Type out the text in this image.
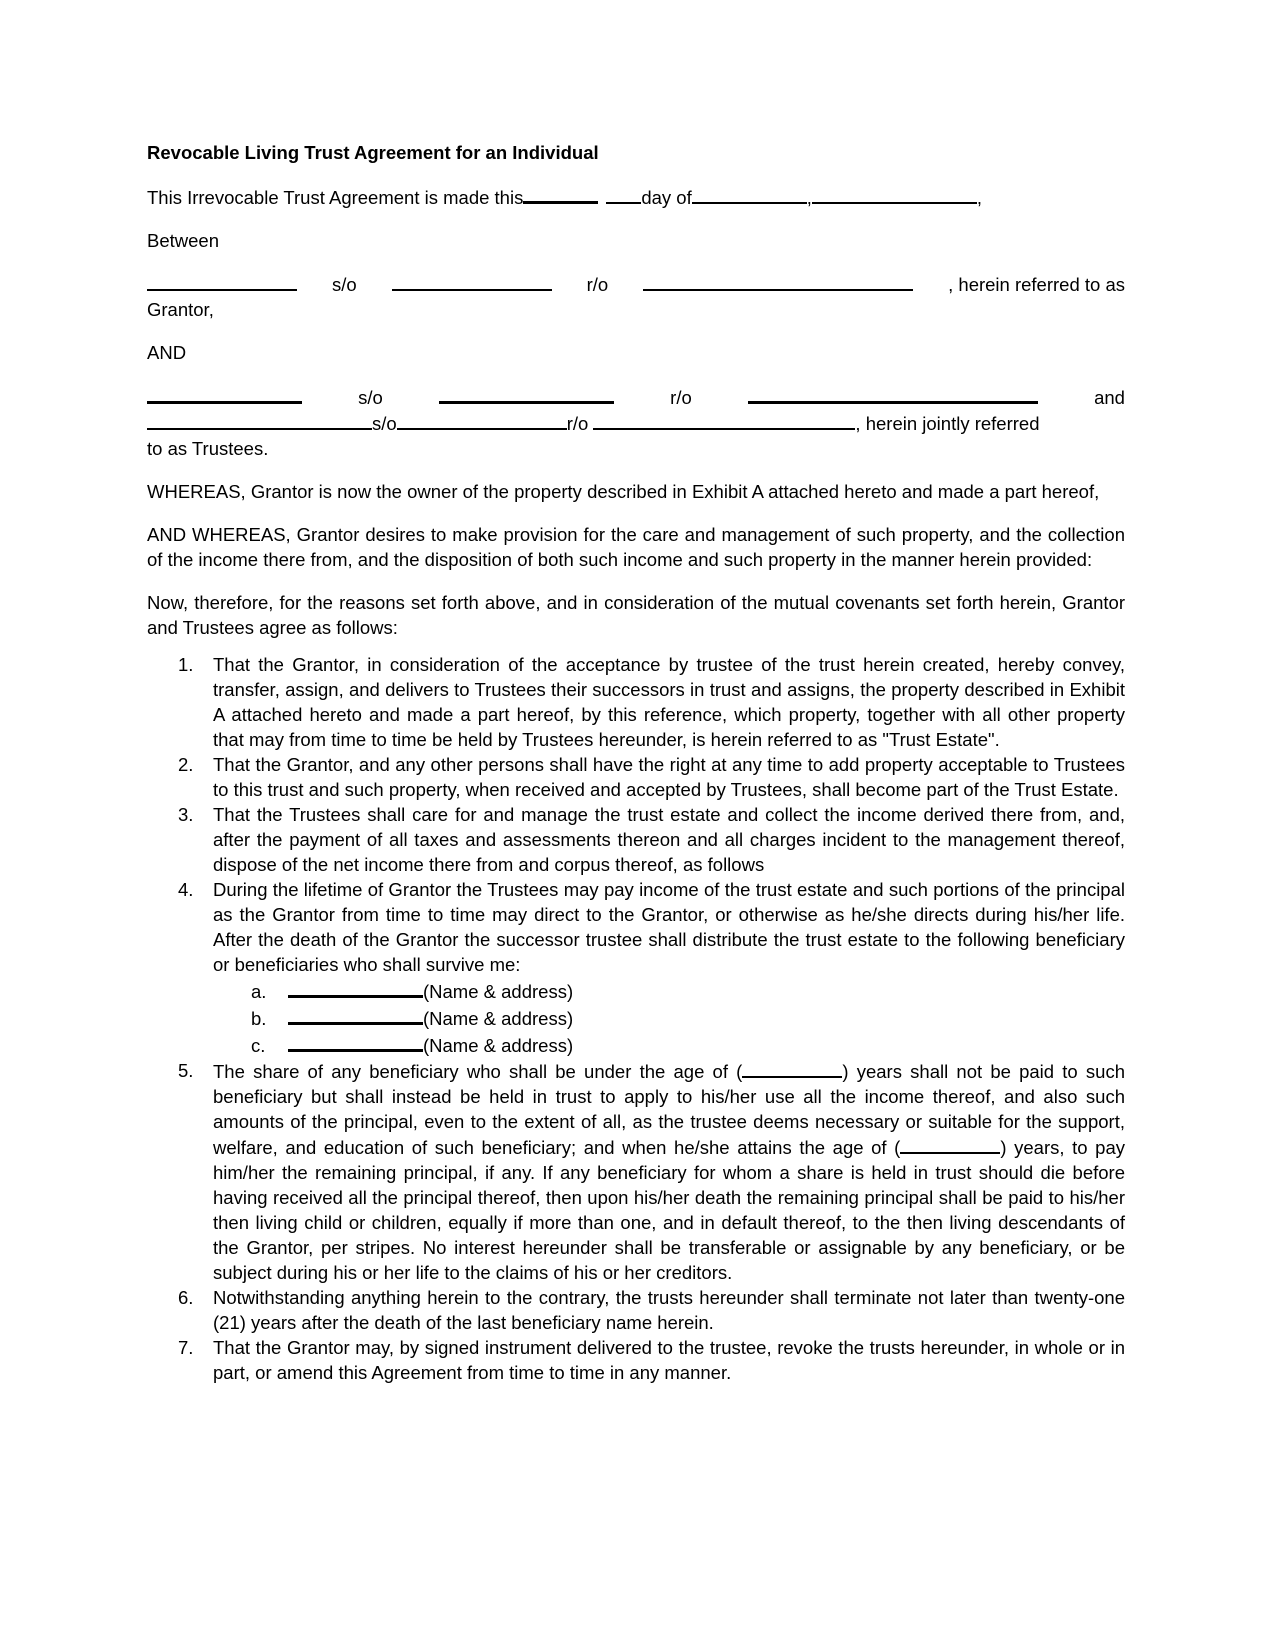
Revocable Living Trust Agreement for an Individual

This Irrevocable Trust Agreement is made this	day of	,	,
Between
s/o	r/o	, herein referred to as
Grantor,
AND
s/o	r/o	and
s/o	r/o	, herein jointly referred
to as Trustees.

WHEREAS, Grantor is now the owner of the property described in Exhibit A attached hereto and made a part hereof,

AND WHEREAS, Grantor desires to make provision for the care and management of such property, and the collection of the income there from, and the disposition of both such income and such property in the manner herein provided:

Now, therefore, for the reasons set forth above, and in consideration of the mutual covenants set forth herein, Grantor and Trustees agree as follows:

1.	That the Grantor, in consideration of the acceptance by trustee of the trust herein created, hereby convey, transfer, assign, and delivers to Trustees their successors in trust and assigns, the property described in Exhibit A attached hereto and made a part hereof, by this reference, which property, together with all other property that may from time to time be held by Trustees hereunder, is herein referred to as "Trust Estate".
2.	That the Grantor, and any other persons shall have the right at any time to add property acceptable to Trustees to this trust and such property, when received and accepted by Trustees, shall become part of the Trust Estate.
3.	That the Trustees shall care for and manage the trust estate and collect the income derived there from, and, after the payment of all taxes and assessments thereon and all charges incident to the management thereof, dispose of the net income there from and corpus thereof, as follows
4.	During the lifetime of Grantor the Trustees may pay income of the trust estate and such portions of the principal as the Grantor from time to time may direct to the Grantor, or otherwise as he/she directs during his/her life. After the death of the Grantor the successor trustee shall distribute the trust estate to the following beneficiary or beneficiaries who shall survive me:
a.	(Name & address)
b.	(Name & address)
c.	(Name & address)
5.	The share of any beneficiary who shall be under the age of (	) years shall not be paid to such beneficiary but shall instead be held in trust to apply to his/her use all the income thereof, and also such amounts of the principal, even to the extent of all, as the trustee deems necessary or suitable for the support, welfare, and education of such beneficiary; and when he/she attains the age of (	) years, to pay him/her the remaining principal, if any. If any beneficiary for whom a share is held in trust should die before having received all the principal thereof, then upon his/her death the remaining principal shall be paid to his/her then living child or children, equally if more than one, and in default thereof, to the then living descendants of the Grantor, per stripes. No interest hereunder shall be transferable or assignable by any beneficiary, or be subject during his or her life to the claims of his or her creditors.
6.	Notwithstanding anything herein to the contrary, the trusts hereunder shall terminate not later than twenty-one (21) years after the death of the last beneficiary name herein.
7.	That the Grantor may, by signed instrument delivered to the trustee, revoke the trusts hereunder, in whole or in part, or amend this Agreement from time to time in any manner.
